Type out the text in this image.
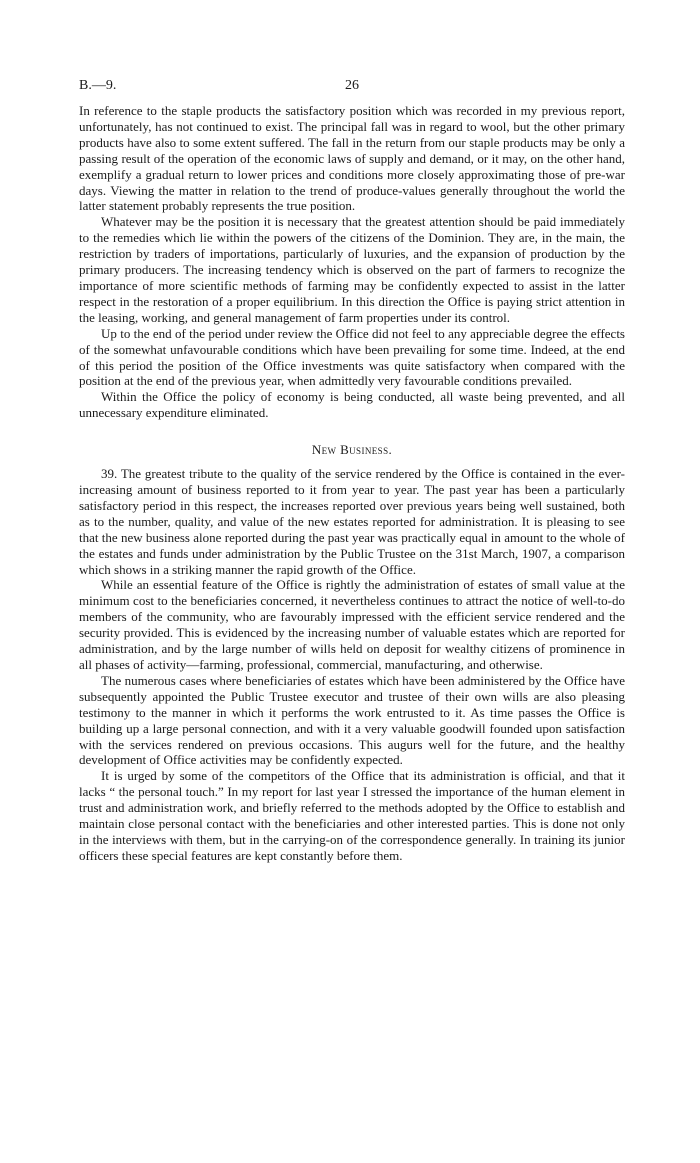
B.—9.	26

In reference to the staple products the satisfactory position which was recorded in my previous report, unfortunately, has not continued to exist. The principal fall was in regard to wool, but the other primary products have also to some extent suffered. The fall in the return from our staple products may be only a passing result of the operation of the economic laws of supply and demand, or it may, on the other hand, exemplify a gradual return to lower prices and conditions more closely approximating those of pre-war days. Viewing the matter in relation to the trend of produce-values generally throughout the world the latter statement probably represents the true position.

Whatever may be the position it is necessary that the greatest attention should be paid immediately to the remedies which lie within the powers of the citizens of the Dominion. They are, in the main, the restriction by traders of importations, particularly of luxuries, and the expansion of production by the primary producers. The increasing tendency which is observed on the part of farmers to recognize the importance of more scientific methods of farming may be confidently expected to assist in the latter respect in the restoration of a proper equilibrium. In this direction the Office is paying strict attention in the leasing, working, and general management of farm properties under its control.

Up to the end of the period under review the Office did not feel to any appreciable degree the effects of the somewhat unfavourable conditions which have been prevailing for some time. Indeed, at the end of this period the position of the Office investments was quite satisfactory when compared with the position at the end of the previous year, when admittedly very favourable conditions prevailed.

Within the Office the policy of economy is being conducted, all waste being prevented, and all unnecessary expenditure eliminated.

New Business.

39. The greatest tribute to the quality of the service rendered by the Office is contained in the ever-increasing amount of business reported to it from year to year. The past year has been a particularly satisfactory period in this respect, the increases reported over previous years being well sustained, both as to the number, quality, and value of the new estates reported for administration. It is pleasing to see that the new business alone reported during the past year was practically equal in amount to the whole of the estates and funds under administration by the Public Trustee on the 31st March, 1907, a comparison which shows in a striking manner the rapid growth of the Office.

While an essential feature of the Office is rightly the administration of estates of small value at the minimum cost to the beneficiaries concerned, it nevertheless continues to attract the notice of well-to-do members of the community, who are favourably impressed with the efficient service rendered and the security provided. This is evidenced by the increasing number of valuable estates which are reported for administration, and by the large number of wills held on deposit for wealthy citizens of prominence in all phases of activity—farming, professional, commercial, manufacturing, and otherwise.

The numerous cases where beneficiaries of estates which have been administered by the Office have subsequently appointed the Public Trustee executor and trustee of their own wills are also pleasing testimony to the manner in which it performs the work entrusted to it. As time passes the Office is building up a large personal connection, and with it a very valuable goodwill founded upon satisfaction with the services rendered on previous occasions. This augurs well for the future, and the healthy development of Office activities may be confidently expected.

It is urged by some of the competitors of the Office that its administration is official, and that it lacks “ the personal touch.” In my report for last year I stressed the importance of the human element in trust and administration work, and briefly referred to the methods adopted by the Office to establish and maintain close personal contact with the beneficiaries and other interested parties. This is done not only in the interviews with them, but in the carrying-on of the correspondence generally. In training its junior officers these special features are kept constantly before them.
